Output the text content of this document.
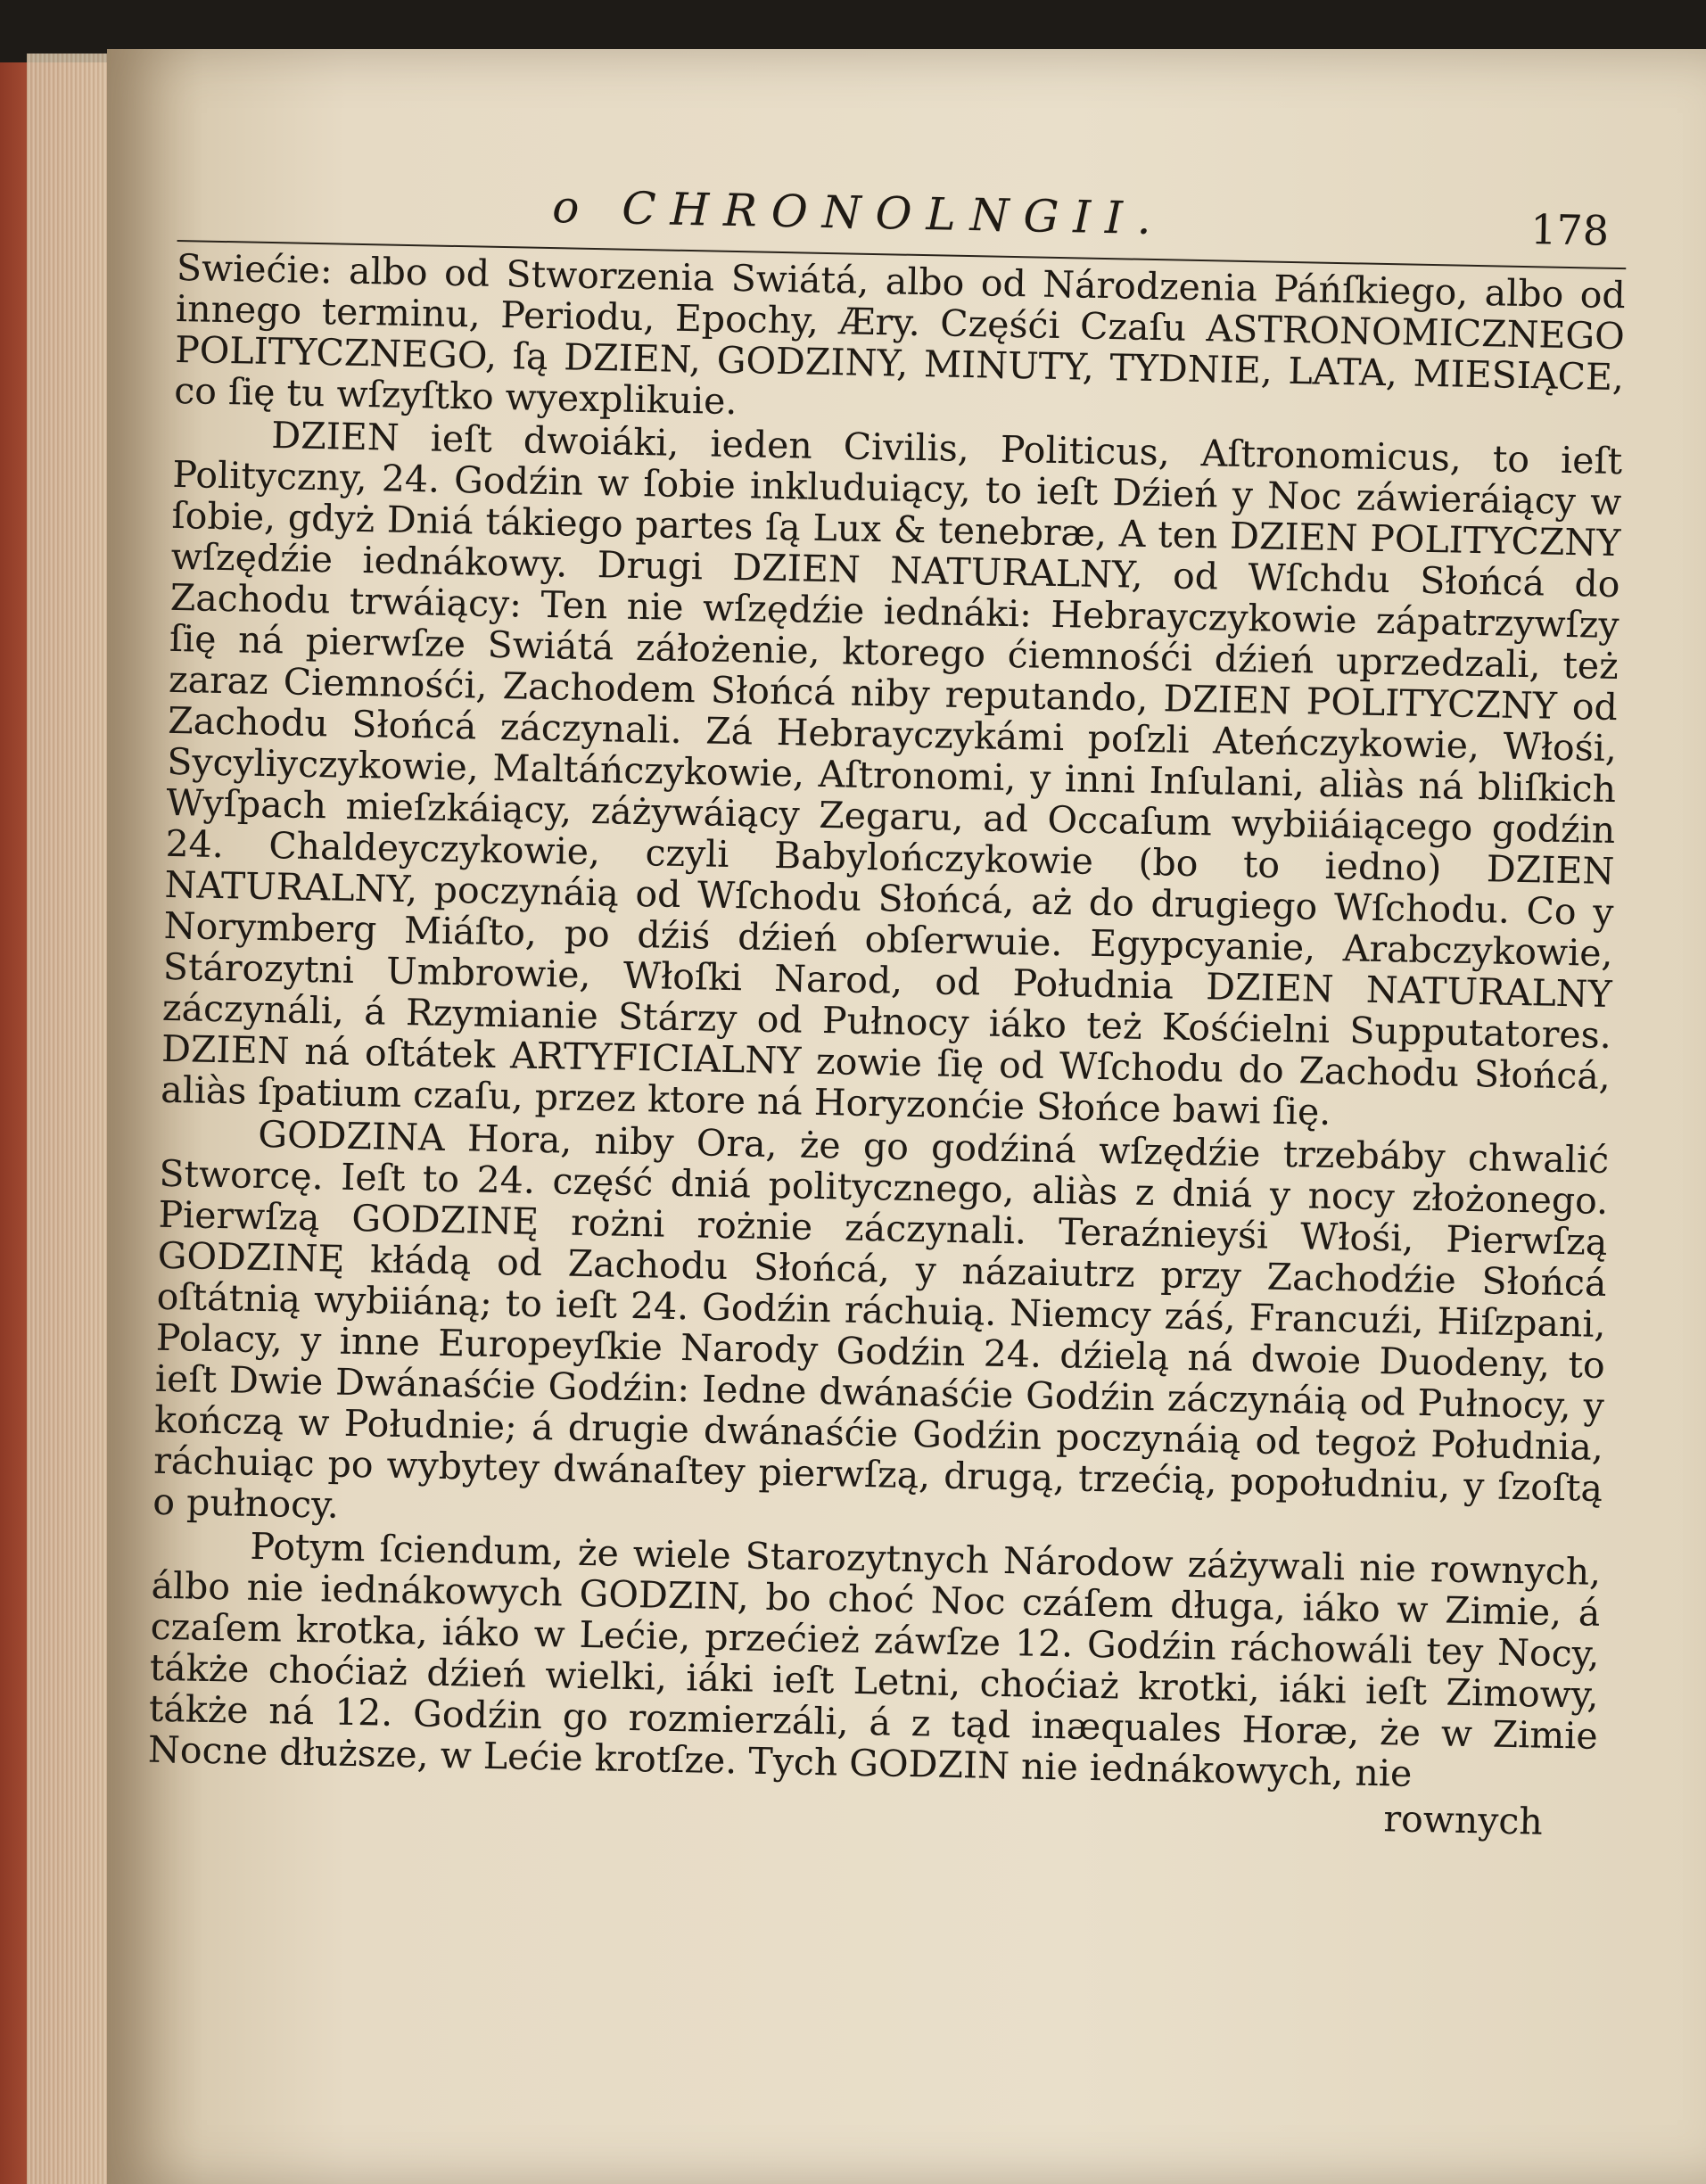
o CHRONOLNGII.	178

Swiećie: albo od Stworzenia Swiátá, albo od Národzenia Páńſkiego, albo od innego terminu, Periodu, Epochy, Æry. Częśći Czaſu ASTRONOMICZNEGO POLITYCZNEGO, ſą DZIEN, GODZINY, MINUTY, TYDNIE, LATA, MIESIĄCE, co ſię tu wſzyſtko wyexplikuie.

DZIEN ieſt dwoiáki, ieden Civilis, Politicus, Aſtronomicus, to ieſt Polityczny, 24. Godźin w ſobie inkluduiący, to ieſt Dźień y Noc záwieráiący w ſobie, gdyż Dniá tákiego partes ſą Lux & tenebræ, A ten DZIEN POLITYCZNY wſzędźie iednákowy. Drugi DZIEN NATURALNY, od Wſchdu Słońcá do Zachodu trwáiący: Ten nie wſzędźie iednáki: Hebrayczykowie zápatrzywſzy ſię ná pierwſze Swiátá záłożenie, ktorego ćiemnośći dźień uprzedzali, też zaraz Ciemnośći, Zachodem Słońcá niby reputando, DZIEN POLITYCZNY od Zachodu Słońcá záczynali. Zá Hebrayczykámi poſzli Ateńczykowie, Włośi, Sycyliyczykowie, Maltáńczykowie, Aſtronomi, y inni Inſulani, aliàs ná bliſkich Wyſpach mieſzkáiący, záżywáiący Zegaru, ad Occaſum wybiiáiącego godźin 24. Chaldeyczykowie, czyli Babylończykowie (bo to iedno) DZIEN NATURALNY, poczynáią od Wſchodu Słońcá, aż do drugiego Wſchodu. Co y Norymberg Miáſto, po dźiś dźień obſerwuie. Egypcyanie, Arabczykowie, Stározytni Umbrowie, Włoſki Narod, od Południa DZIEN NATURALNY záczynáli, á Rzymianie Stárzy od Pułnocy iáko też Kośćielni Supputatores. DZIEN ná oſtátek ARTYFICIALNY zowie ſię od Wſchodu do Zachodu Słońcá, aliàs ſpatium czaſu, przez ktore ná Horyzonćie Słońce bawi ſię.

GODZINA Hora, niby Ora, że go godźiná wſzędźie trzebáby chwalić Stworcę. Ieſt to 24. część dniá politycznego, aliàs z dniá y nocy złożonego. Pierwſzą GODZINĘ rożni rożnie záczynali. Teraźnieyśi Włośi, Pierwſzą GODZINĘ kłádą od Zachodu Słońcá, y názaiutrz przy Zachodźie Słońcá oſtátnią wybiiáną; to ieſt 24. Godźin ráchuią. Niemcy záś, Francuźi, Hiſzpani, Polacy, y inne Europeyſkie Narody Godźin 24. dźielą ná dwoie Duodeny, to ieſt Dwie Dwánaśćie Godźin: Iedne dwánaśćie Godźin záczynáią od Pułnocy, y kończą w Południe; á drugie dwánaśćie Godźin poczynáią od tegoż Południa, ráchuiąc po wybytey dwánaſtey pierwſzą, drugą, trzećią, popołudniu, y ſzoſtą o pułnocy.

Potym ſciendum, że wiele Starozytnych Národow záżywali nie rownych, álbo nie iednákowych GODZIN, bo choć Noc czáſem długa, iáko w Zimie, á czaſem krotka, iáko w Lećie, przećież záwſze 12. Godźin ráchowáli tey Nocy, tákże choćiaż dźień wielki, iáki ieſt Letni, choćiaż krotki, iáki ieſt Zimowy, tákże ná 12. Godźin go rozmierzáli, á z tąd inæquales Horæ, że w Zimie Nocne dłuższe, w Lećie krotſze. Tych GODZIN nie iednákowych, nie

rownych
